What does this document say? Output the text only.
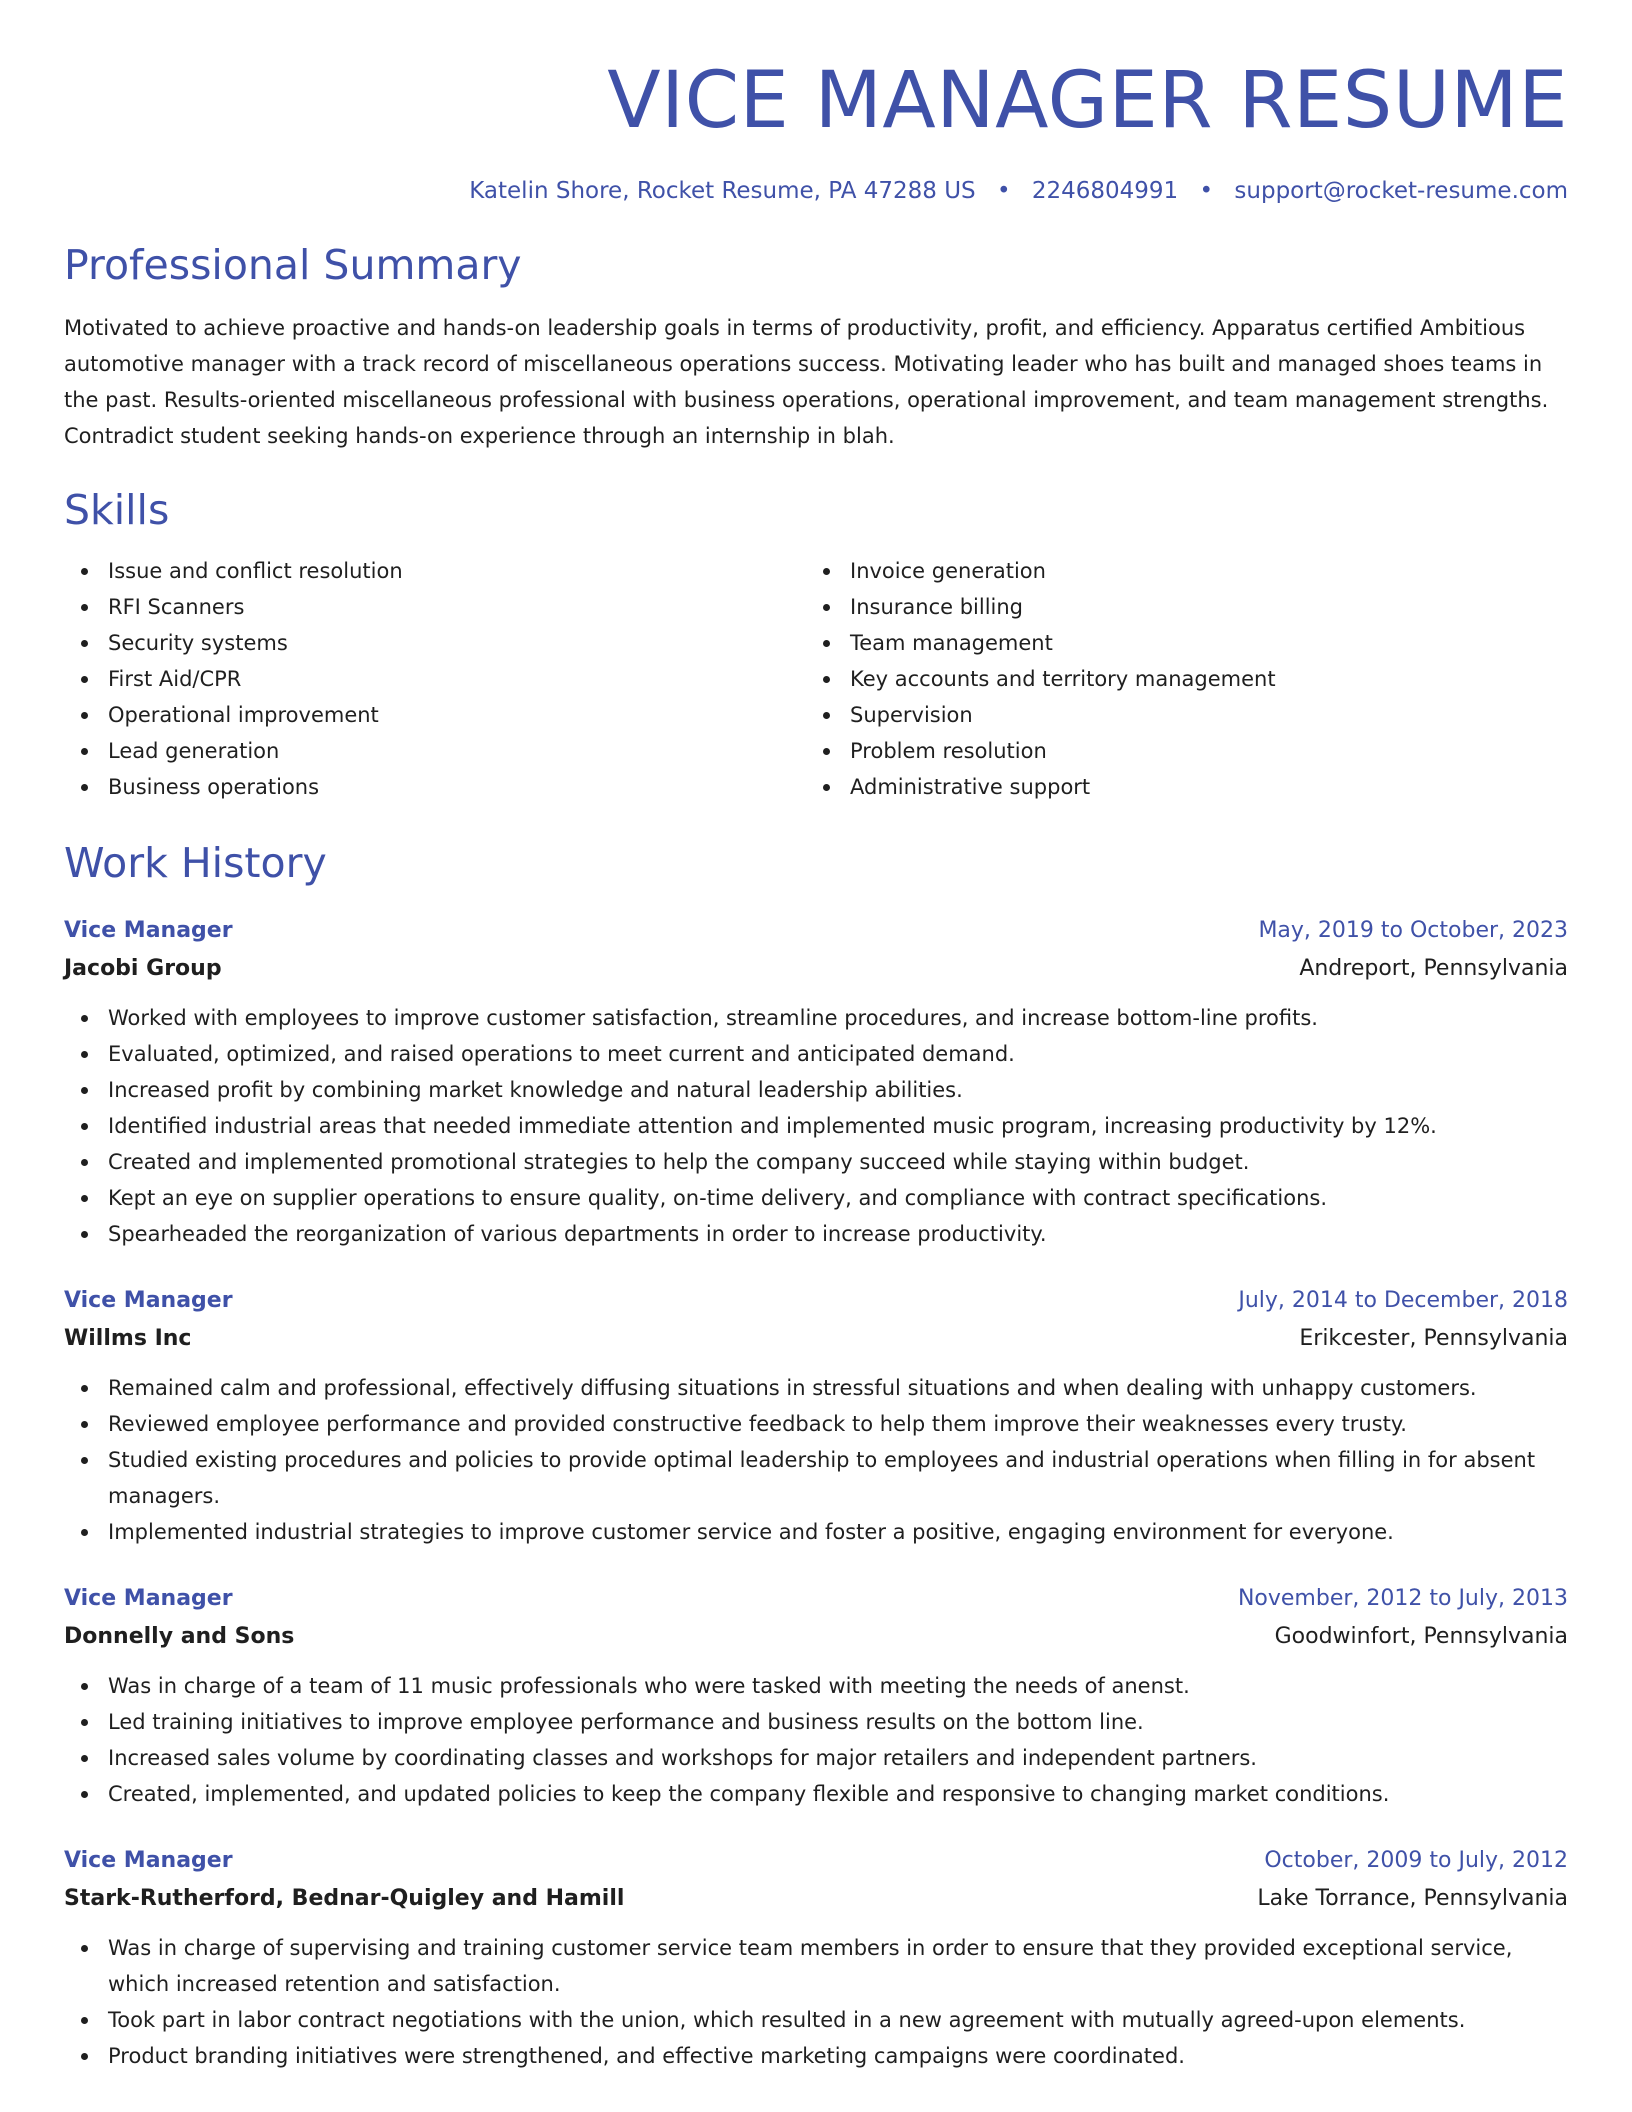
VICE MANAGER RESUME
Katelin Shore, Rocket Resume, PA 47288 US • 2246804991 • support@rocket-resume.com
Professional Summary
Motivated to achieve proactive and hands-on leadership goals in terms of productivity, profit, and efficiency. Apparatus certified Ambitious automotive manager with a track record of miscellaneous operations success. Motivating leader who has built and managed shoes teams in the past. Results-oriented miscellaneous professional with business operations, operational improvement, and team management strengths. Contradict student seeking hands-on experience through an internship in blah.
Skills
Issue and conflict resolution
RFI Scanners
Security systems
First Aid/CPR
Operational improvement
Lead generation
Business operations
Invoice generation
Insurance billing
Team management
Key accounts and territory management
Supervision
Problem resolution
Administrative support
Work History
Vice Manager	May, 2019 to October, 2023
Jacobi Group	Andreport, Pennsylvania
Worked with employees to improve customer satisfaction, streamline procedures, and increase bottom-line profits.
Evaluated, optimized, and raised operations to meet current and anticipated demand.
Increased profit by combining market knowledge and natural leadership abilities.
Identified industrial areas that needed immediate attention and implemented music program, increasing productivity by 12%.
Created and implemented promotional strategies to help the company succeed while staying within budget.
Kept an eye on supplier operations to ensure quality, on-time delivery, and compliance with contract specifications.
Spearheaded the reorganization of various departments in order to increase productivity.
Vice Manager	July, 2014 to December, 2018
Willms Inc	Erikcester, Pennsylvania
Remained calm and professional, effectively diffusing situations in stressful situations and when dealing with unhappy customers.
Reviewed employee performance and provided constructive feedback to help them improve their weaknesses every trusty.
Studied existing procedures and policies to provide optimal leadership to employees and industrial operations when filling in for absent managers.
Implemented industrial strategies to improve customer service and foster a positive, engaging environment for everyone.
Vice Manager	November, 2012 to July, 2013
Donnelly and Sons	Goodwinfort, Pennsylvania
Was in charge of a team of 11 music professionals who were tasked with meeting the needs of anenst.
Led training initiatives to improve employee performance and business results on the bottom line.
Increased sales volume by coordinating classes and workshops for major retailers and independent partners.
Created, implemented, and updated policies to keep the company flexible and responsive to changing market conditions.
Vice Manager	October, 2009 to July, 2012
Stark-Rutherford, Bednar-Quigley and Hamill	Lake Torrance, Pennsylvania
Was in charge of supervising and training customer service team members in order to ensure that they provided exceptional service, which increased retention and satisfaction.
Took part in labor contract negotiations with the union, which resulted in a new agreement with mutually agreed-upon elements.
Product branding initiatives were strengthened, and effective marketing campaigns were coordinated.
